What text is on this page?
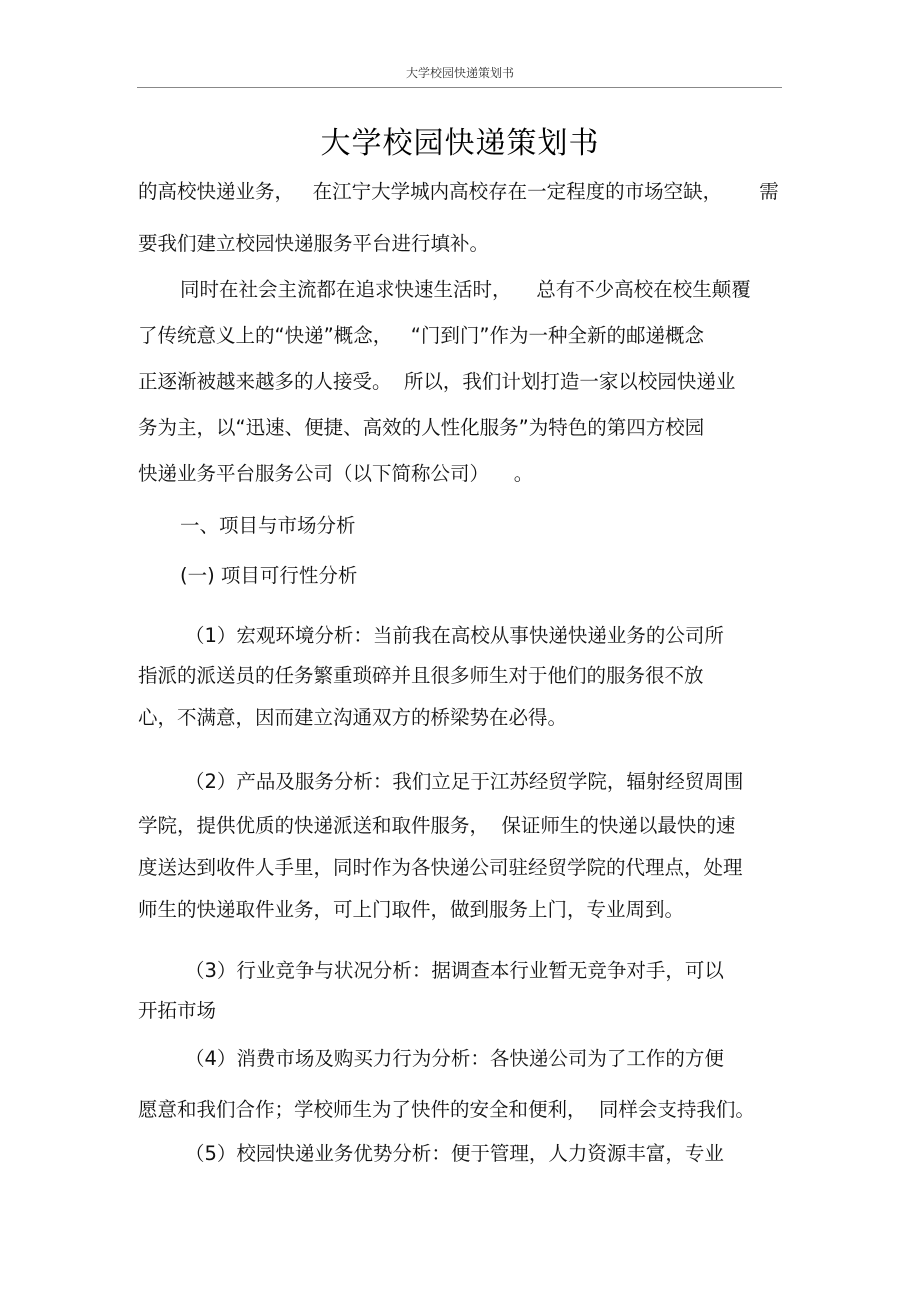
大学校园快递策划书
大学校园快递策划书
的高校快递业务，   在江宁大学城内高校存在一定程度的市场空缺，      需
要我们建立校园快递服务平台进行填补。
同时在社会主流都在追求快速生活时，    总有不少高校在校生颠覆
了传统意义上的“快递”概念，   “门到门”作为一种全新的邮递概念
正逐渐被越来越多的人接受。  所以，我们计划打造一家以校园快递业
务为主，以“迅速、便捷、高效的人性化服务”为特色的第四方校园
快递业务平台服务公司（以下简称公司）    。
一、项目与市场分析
(一) 项目可行性分析
（1）宏观环境分析：当前我在高校从事快递快递业务的公司所
指派的派送员的任务繁重琐碎并且很多师生对于他们的服务很不放
心，不满意，因而建立沟通双方的桥梁势在必得。
（2）产品及服务分析：我们立足于江苏经贸学院，辐射经贸周围
学院，提供优质的快递派送和取件服务，  保证师生的快递以最快的速
度送达到收件人手里，同时作为各快递公司驻经贸学院的代理点，处理
师生的快递取件业务，可上门取件，做到服务上门，专业周到。
（3）行业竞争与状况分析：据调查本行业暂无竞争对手，可以
开拓市场
（4）消费市场及购买力行为分析：各快递公司为了工作的方便
愿意和我们合作；学校师生为了快件的安全和便利，  同样会支持我们。
（5）校园快递业务优势分析：便于管理，人力资源丰富，专业
